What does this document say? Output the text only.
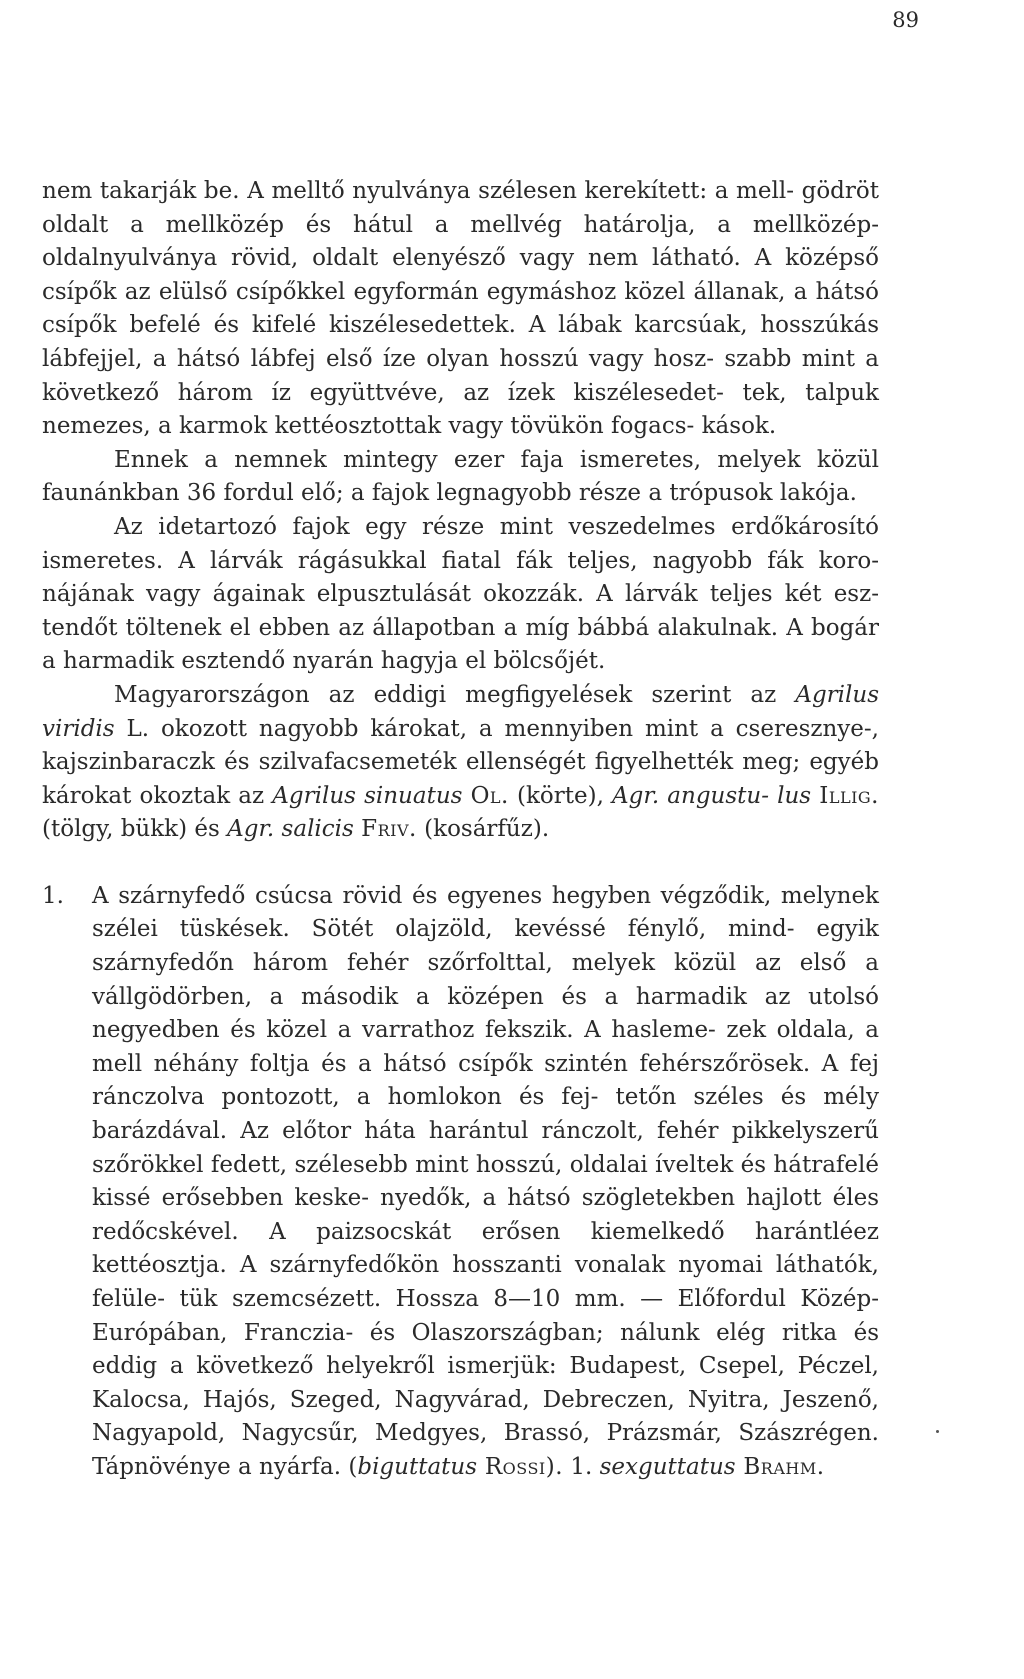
89

nem takarják be. A melltő nyulványa szélesen kerekített: a mell- gödröt oldalt a mellközép és hátul a mellvég határolja, a mellközép- oldalnyulványa rövid, oldalt elenyésző vagy nem látható. A középső csípők az elülső csípőkkel egyformán egymáshoz közel állanak, a hátsó csípők befelé és kifelé kiszélesedettek. A lábak karcsúak, hosszúkás lábfejjel, a hátsó lábfej első íze olyan hosszú vagy hosz- szabb mint a következő három íz együttvéve, az ízek kiszélesedet- tek, talpuk nemezes, a karmok kettéosztottak vagy tövükön fogacs- kások.

Ennek a nemnek mintegy ezer faja ismeretes, melyek közül faunánkban 36 fordul elő; a fajok legnagyobb része a trópusok lakója.

Az idetartozó fajok egy része mint veszedelmes erdőkárosító ismeretes. A lárvák rágásukkal fiatal fák teljes, nagyobb fák koro- nájának vagy ágainak elpusztulását okozzák. A lárvák teljes két esz- tendőt töltenek el ebben az állapotban a míg bábbá alakulnak. A bogár a harmadik esztendő nyarán hagyja el bölcsőjét.

Magyarországon az eddigi megfigyelések szerint az Agrilus viridis L. okozott nagyobb károkat, a mennyiben mint a cseresznye-, kajszinbaraczk és szilvafacsemeték ellenségét figyelhették meg; egyéb károkat okoztak az Agrilus sinuatus Ol. (körte), Agr. angustu- lus Illig. (tölgy, bükk) és Agr. salicis Friv. (kosárfűz).

1. A szárnyfedő csúcsa rövid és egyenes hegyben végződik, melynek szélei tüskések. Sötét olajzöld, kevéssé fénylő, mind- egyik szárnyfedőn három fehér szőrfolttal, melyek közül az első a vállgödörben, a második a középen és a harmadik az utolsó negyedben és közel a varrathoz fekszik. A hasleme- zek oldala, a mell néhány foltja és a hátsó csípők szintén fehérszőrösek. A fej ránczolva pontozott, a homlokon és fej- tetőn széles és mély barázdával. Az előtor háta harántul ránczolt, fehér pikkelyszerű szőrökkel fedett, szélesebb mint hosszú, oldalai íveltek és hátrafelé kissé erősebben keske- nyedők, a hátsó szögletekben hajlott éles redőcskével. A paizsocskát erősen kiemelkedő harántléez kettéosztja. A szárnyfedőkön hosszanti vonalak nyomai láthatók, felüle- tük szemcsézett. Hossza 8—10 mm. — Előfordul Közép- Európában, Franczia- és Olaszországban; nálunk elég ritka és eddig a következő helyekről ismerjük: Budapest, Csepel, Péczel, Kalocsa, Hajós, Szeged, Nagyvárad, Debreczen, Nyitra, Jeszenő, Nagyapold, Nagycsűr, Medgyes, Brassó, Prázsmár, Szászrégen. Tápnövénye a nyárfa. (biguttatus Rossi). 1. sexguttatus Brahm.
